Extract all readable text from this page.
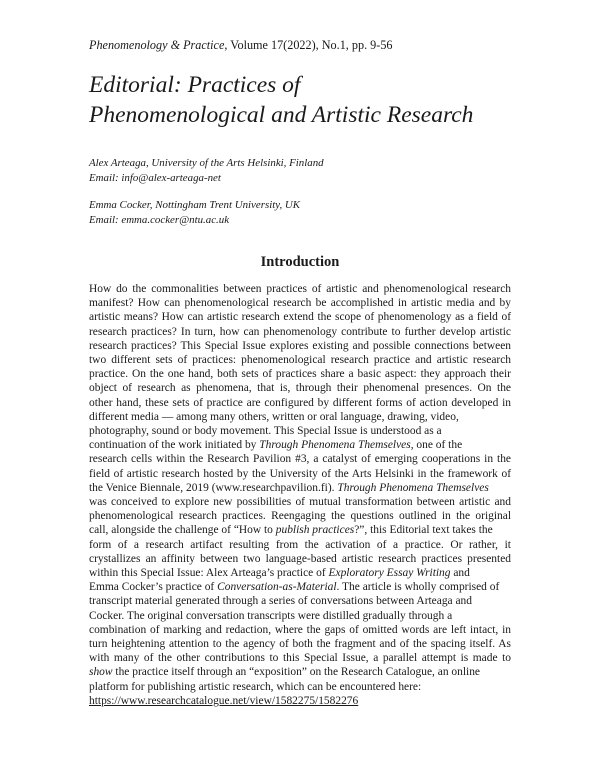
Phenomenology & Practice, Volume 17(2022), No.1, pp. 9-56
Editorial: Practices of
Phenomenological and Artistic Research
Alex Arteaga, University of the Arts Helsinki, Finland
Email: info@alex-arteaga-net
Emma Cocker, Nottingham Trent University, UK
Email: emma.cocker@ntu.ac.uk
Introduction
How do the commonalities between practices of artistic and phenomenological research
manifest? How can phenomenological research be accomplished in artistic media and by
artistic means? How can artistic research extend the scope of phenomenology as a field of
research practices? In turn, how can phenomenology contribute to further develop artistic
research practices? This Special Issue explores existing and possible connections between
two different sets of practices: phenomenological research practice and artistic research
practice. On the one hand, both sets of practices share a basic aspect: they approach their
object of research as phenomena, that is, through their phenomenal presences. On the
other hand, these sets of practice are configured by different forms of action developed in
different media — among many others, written or oral language, drawing, video,
photography, sound or body movement. This Special Issue is understood as a
continuation of the work initiated by Through Phenomena Themselves, one of the
research cells within the Research Pavilion #3, a catalyst of emerging cooperations in the
field of artistic research hosted by the University of the Arts Helsinki in the framework of
the Venice Biennale, 2019 (www.researchpavilion.fi). Through Phenomena Themselves
was conceived to explore new possibilities of mutual transformation between artistic and
phenomenological research practices. Reengaging the questions outlined in the original
call, alongside the challenge of “How to publish practices?”, this Editorial text takes the
form of a research artifact resulting from the activation of a practice. Or rather, it
crystallizes an affinity between two language-based artistic research practices presented
within this Special Issue: Alex Arteaga’s practice of Exploratory Essay Writing and
Emma Cocker’s practice of Conversation-as-Material. The article is wholly comprised of
transcript material generated through a series of conversations between Arteaga and
Cocker. The original conversation transcripts were distilled gradually through a
combination of marking and redaction, where the gaps of omitted words are left intact, in
turn heightening attention to the agency of both the fragment and of the spacing itself. As
with many of the other contributions to this Special Issue, a parallel attempt is made to
show the practice itself through an “exposition” on the Research Catalogue, an online
platform for publishing artistic research, which can be encountered here:
https://www.researchcatalogue.net/view/1582275/1582276
